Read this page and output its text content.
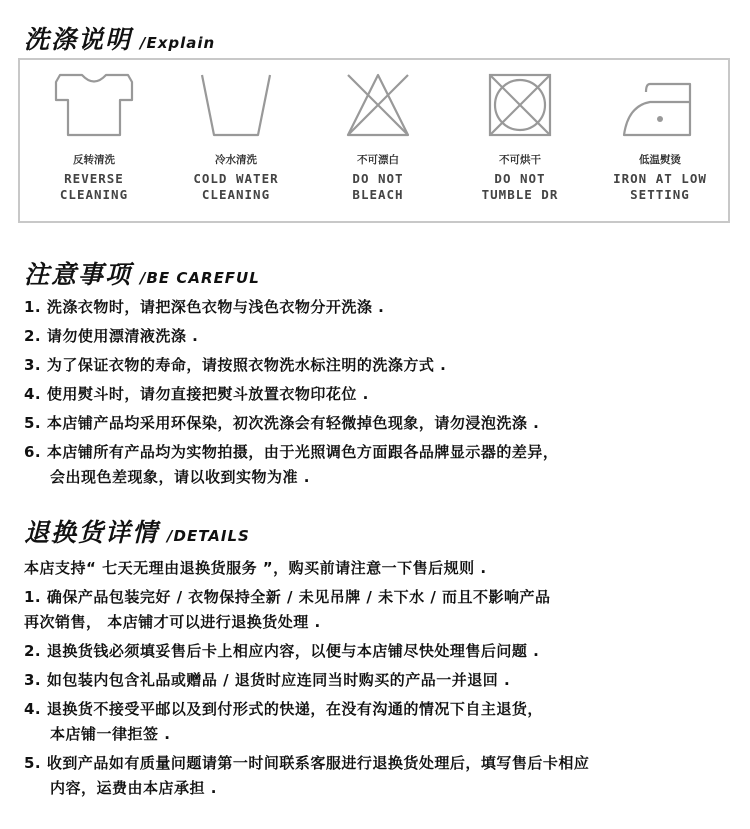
洗涤说明 /Explain
反转清洗
REVERSE
CLEANING
冷水清洗
COLD WATER
CLEANING
不可漂白
DO NOT
BLEACH
不可烘干
DO NOT
TUMBLE DR
低温熨烫
IRON AT LOW
SETTING
注意事项 /BE CAREFUL
1. 洗涤衣物时，请把深色衣物与浅色衣物分开洗涤 .
2. 请勿使用漂清液洗涤 .
3. 为了保证衣物的寿命，请按照衣物洗水标注明的洗涤方式 .
4. 使用熨斗时，请勿直接把熨斗放置衣物印花位 .
5. 本店铺产品均采用环保染，初次洗涤会有轻微掉色现象，请勿浸泡洗涤 .
6. 本店铺所有产品均为实物拍摄，由于光照调色方面跟各品牌显示器的差异，
会出现色差现象，请以收到实物为准 .
退换货详情 /DETAILS
本店支持“ 七天无理由退换货服务 ”，购买前请注意一下售后规则 .
1. 确保产品包装完好 / 衣物保持全新 / 未见吊牌 / 未下水 / 而且不影响产品
再次销售， 本店铺才可以进行退换货处理 .
2. 退换货钱必须填妥售后卡上相应内容，以便与本店铺尽快处理售后问题 .
3. 如包装内包含礼品或赠品 / 退货时应连同当时购买的产品一并退回 .
4. 退换货不接受平邮以及到付形式的快递，在没有沟通的情况下自主退货，
本店铺一律拒签 .
5. 收到产品如有质量问题请第一时间联系客服进行退换货处理后，填写售后卡相应
内容，运费由本店承担 .
